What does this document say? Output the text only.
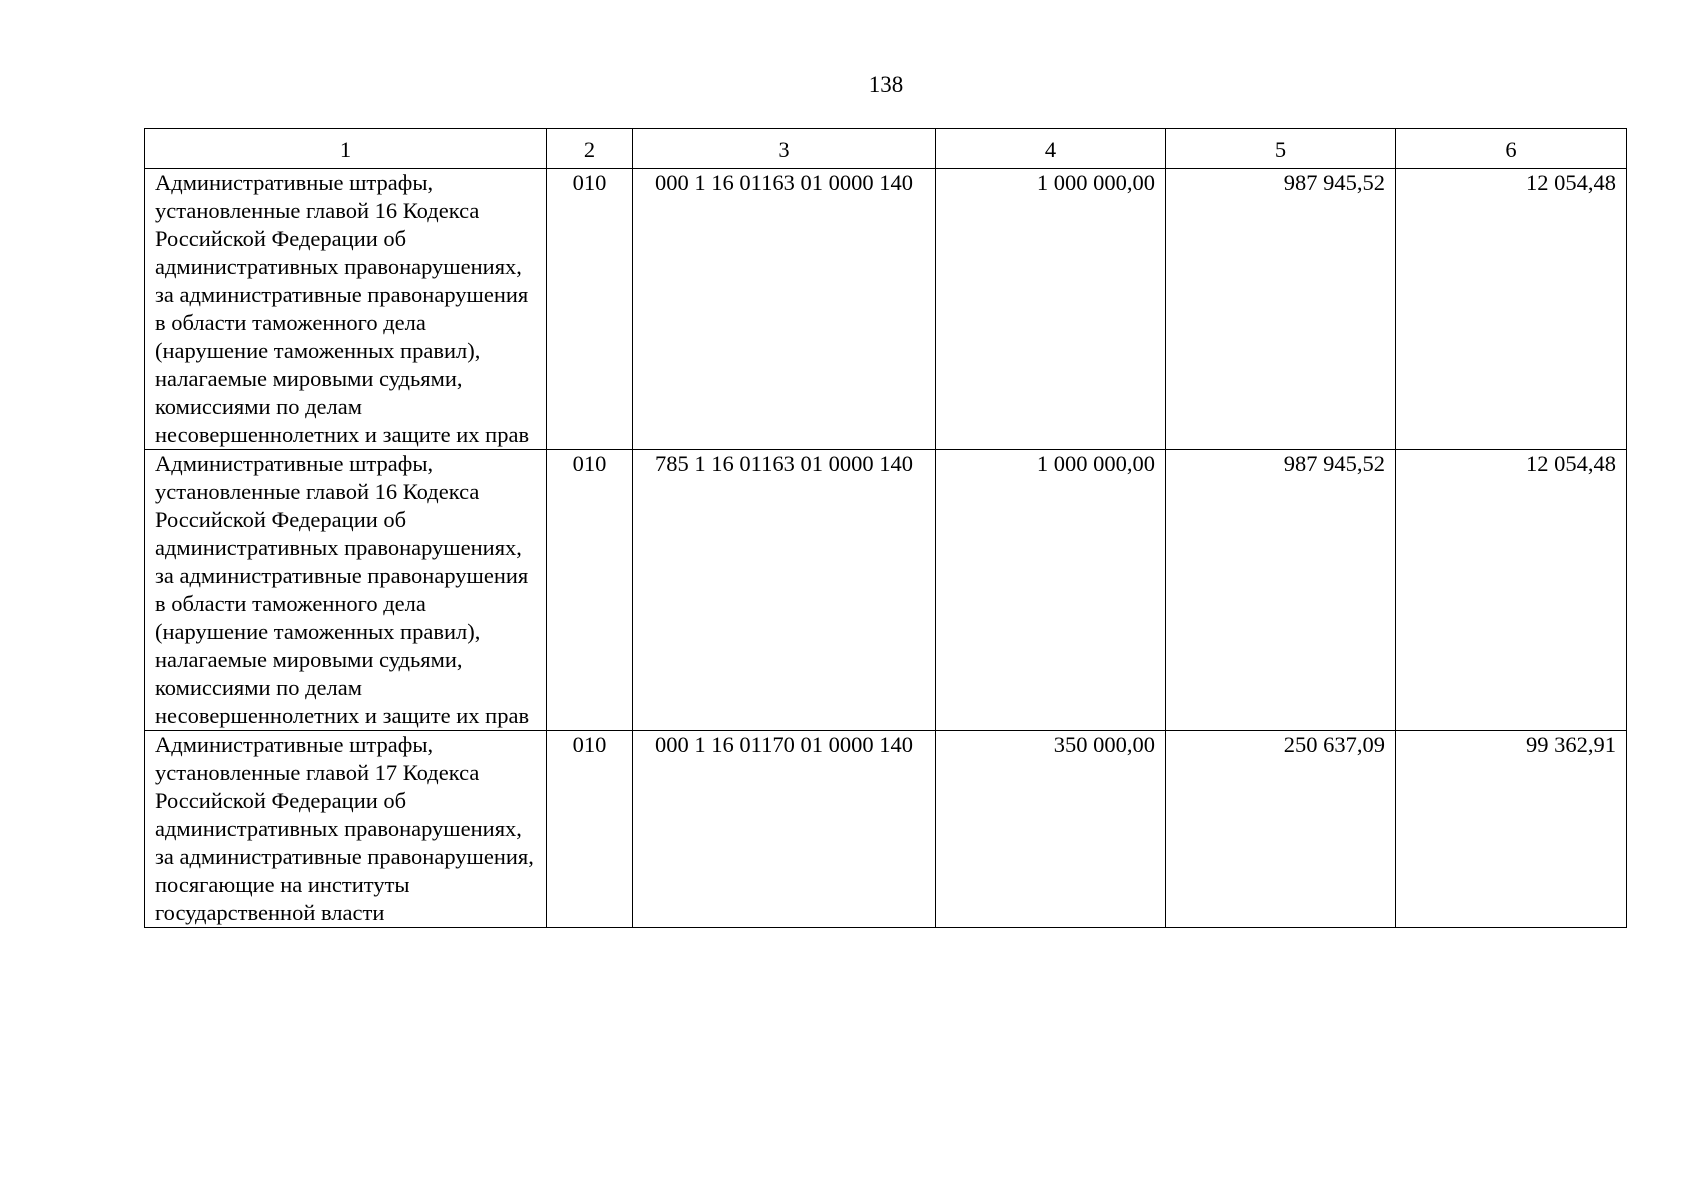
138
1	2	3	4	5	6
Административные штрафы, установленные главой 16 Кодекса Российской Федерации об административных правонарушениях, за административные правонарушения в области таможенного дела (нарушение таможенных правил), налагаемые мировыми судьями, комиссиями по делам несовершеннолетних и защите их прав	010	000 1 16 01163 01 0000 140	1 000 000,00	987 945,52	12 054,48
Административные штрафы, установленные главой 16 Кодекса Российской Федерации об административных правонарушениях, за административные правонарушения в области таможенного дела (нарушение таможенных правил), налагаемые мировыми судьями, комиссиями по делам несовершеннолетних и защите их прав	010	785 1 16 01163 01 0000 140	1 000 000,00	987 945,52	12 054,48
Административные штрафы, установленные главой 17 Кодекса Российской Федерации об административных правонарушениях, за административные правонарушения, посягающие на институты государственной власти	010	000 1 16 01170 01 0000 140	350 000,00	250 637,09	99 362,91
